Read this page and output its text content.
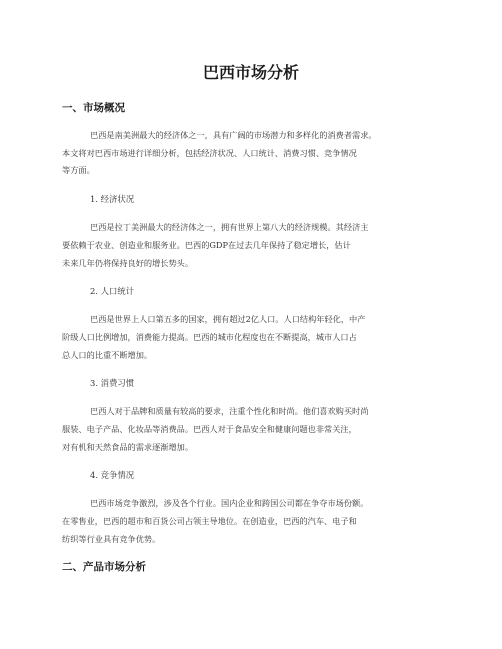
巴西市场分析
一、市场概况
巴西是南美洲最大的经济体之一，具有广阔的市场潜力和多样化的消费者需求。
本文将对巴西市场进行详细分析，包括经济状况、人口统计、消费习惯、竞争情况
等方面。
1. 经济状况
巴西是拉丁美洲最大的经济体之一，拥有世界上第八大的经济规模。其经济主
要依赖于农业、创造业和服务业。巴西的GDP在过去几年保持了稳定增长，估计
未来几年仍将保持良好的增长势头。
2. 人口统计
巴西是世界上人口第五多的国家，拥有超过2亿人口。人口结构年轻化，中产
阶级人口比例增加，消费能力提高。巴西的城市化程度也在不断提高，城市人口占
总人口的比重不断增加。
3. 消费习惯
巴西人对于品牌和质量有较高的要求，注重个性化和时尚。他们喜欢购买时尚
服装、电子产品、化妆品等消费品。巴西人对于食品安全和健康问题也非常关注，
对有机和天然食品的需求逐渐增加。
4. 竞争情况
巴西市场竞争激烈，涉及各个行业。国内企业和跨国公司都在争夺市场份额。
在零售业，巴西的超市和百货公司占领主导地位。在创造业，巴西的汽车、电子和
纺织等行业具有竞争优势。
二、产品市场分析
